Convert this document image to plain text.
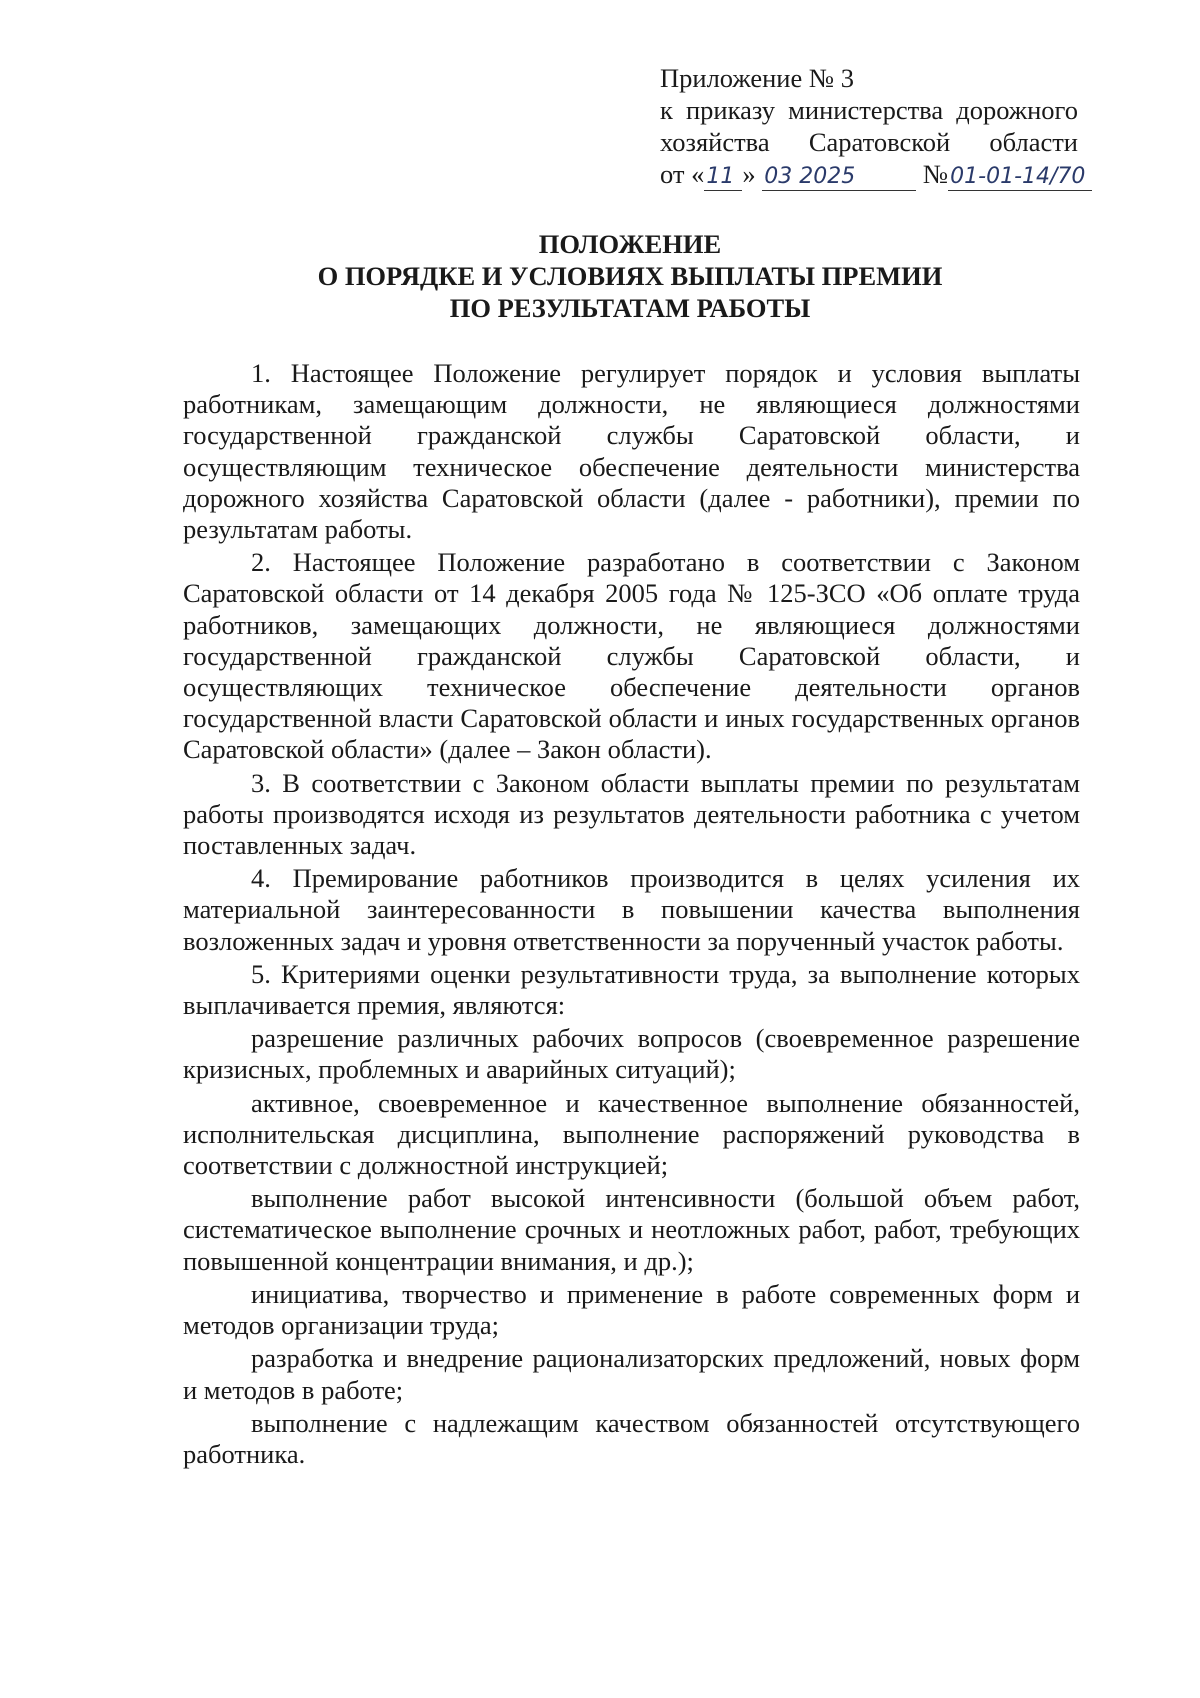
Приложение № 3
к приказу министерства дорожного
хозяйства Саратовской области
от «11 » 03 2025	№01-01-14/70
ПОЛОЖЕНИЕ
О ПОРЯДКЕ И УСЛОВИЯХ ВЫПЛАТЫ ПРЕМИИ
ПО РЕЗУЛЬТАТАМ РАБОТЫ

1. Настоящее Положение регулирует порядок и условия выплаты работникам, замещающим должности, не являющиеся должностями государственной гражданской службы Саратовской области, и осуществляющим техническое обеспечение деятельности министерства дорожного хозяйства Саратовской области (далее - работники), премии по результатам работы.

2. Настоящее Положение разработано в соответствии с Законом Саратовской области от 14 декабря 2005 года № 125-ЗСО «Об оплате труда работников, замещающих должности, не являющиеся должностями государственной гражданской службы Саратовской области, и осуществляющих техническое обеспечение деятельности органов государственной власти Саратовской области и иных государственных органов Саратовской области» (далее – Закон области).

3. В соответствии с Законом области выплаты премии по результатам работы производятся исходя из результатов деятельности работника с учетом поставленных задач.

4. Премирование работников производится в целях усиления их материальной заинтересованности в повышении качества выполнения возложенных задач и уровня ответственности за порученный участок работы.

5. Критериями оценки результативности труда, за выполнение которых выплачивается премия, являются:

разрешение различных рабочих вопросов (своевременное разрешение кризисных, проблемных и аварийных ситуаций);

активное, своевременное и качественное выполнение обязанностей, исполнительская дисциплина, выполнение распоряжений руководства в соответствии с должностной инструкцией;

выполнение работ высокой интенсивности (большой объем работ, систематическое выполнение срочных и неотложных работ, работ, требующих повышенной концентрации внимания, и др.);

инициатива, творчество и применение в работе современных форм и методов организации труда;

разработка и внедрение рационализаторских предложений, новых форм и методов в работе;

выполнение с надлежащим качеством обязанностей отсутствующего работника.
